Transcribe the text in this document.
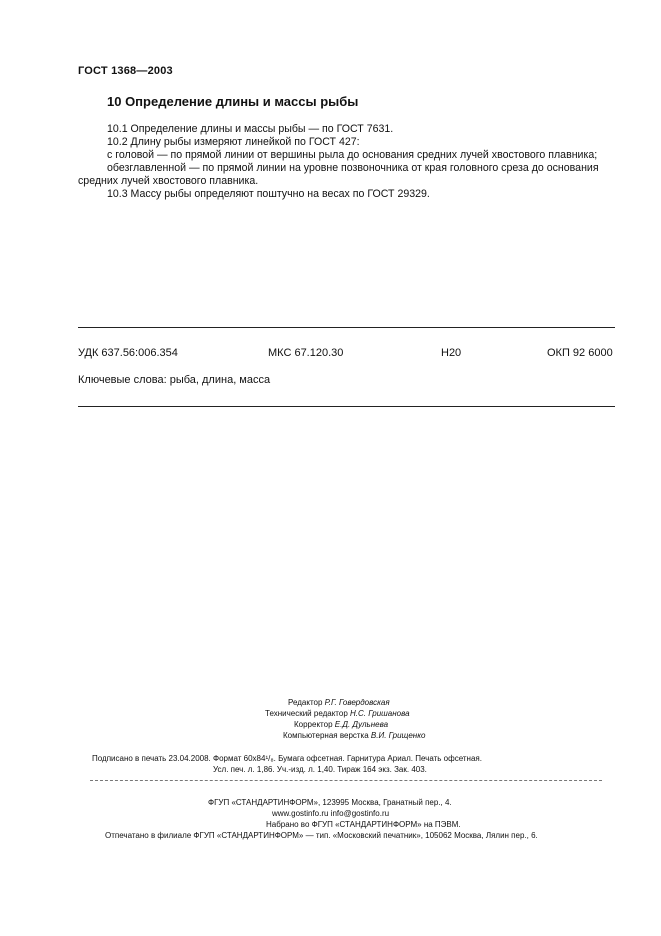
ГОСТ 1368—2003
10 Определение длины и массы рыбы
10.1 Определение длины и массы рыбы — по ГОСТ 7631.
10.2 Длину рыбы измеряют линейкой по ГОСТ 427:
с головой — по прямой линии от вершины рыла до основания средних лучей хвостового плавника;
обезглавленной — по прямой линии на уровне позвоночника от края головного среза до основания
средних лучей хвостового плавника.
10.3 Массу рыбы определяют поштучно на весах по ГОСТ 29329.
УДК 637.56:006.354	МКС 67.120.30	Н20	ОКП 92 6000
Ключевые слова: рыба, длина, масса
Редактор Р.Г. Говердовская
Технический редактор Н.С. Гришанова
Корректор Е.Д. Дульнева
Компьютерная верстка В.И. Грищенко
Подписано в печать 23.04.2008. Формат 60х84¹/₈. Бумага офсетная. Гарнитура Ариал. Печать офсетная.
Усл. печ. л. 1,86. Уч.-изд. л. 1,40. Тираж 164 экз. Зак. 403.
ФГУП «СТАНДАРТИНФОРМ», 123995 Москва, Гранатный пер., 4.
www.gostinfo.ru info@gostinfo.ru
Набрано во ФГУП «СТАНДАРТИНФОРМ» на ПЭВМ.
Отпечатано в филиале ФГУП «СТАНДАРТИНФОРМ» — тип. «Московский печатник», 105062 Москва, Лялин пер., 6.
